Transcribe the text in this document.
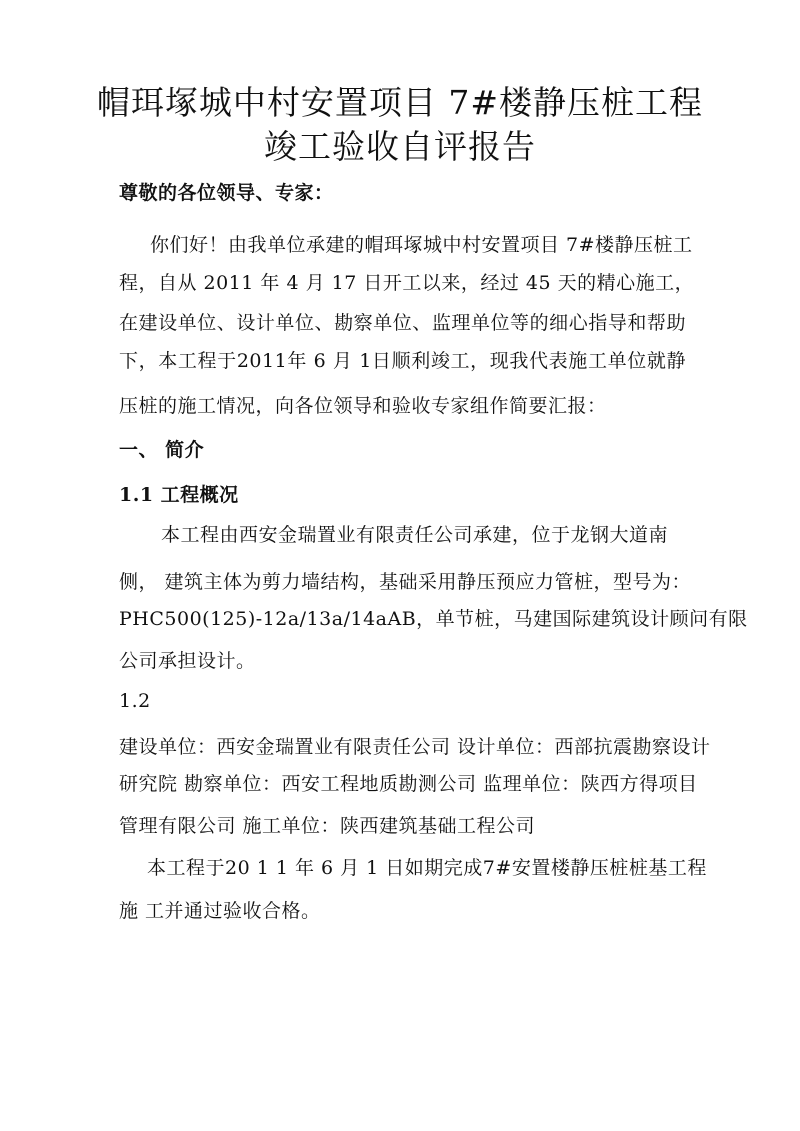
帽珥塚城中村安置项目 7#楼静压桩工程
竣工验收自评报告
尊敬的各位领导、专家：
你们好！由我单位承建的帽珥塚城中村安置项目 7#楼静压桩工
程，自从 2011 年 4 月 17 日开工以来，经过 45 天的精心施工，
在建设单位、设计单位、勘察单位、监理单位等的细心指导和帮助
下，本工程于2011年 6 月 1日顺利竣工，现我代表施工单位就静
压桩的施工情况，向各位领导和验收专家组作简要汇报：
一、 简介
1.1 工程概况
本工程由西安金瑞置业有限责任公司承建，位于龙钢大道南
侧， 建筑主体为剪力墙结构，基础采用静压预应力管桩，型号为：
PHC500(125)-12a/13a/14aAB，单节桩，马建国际建筑设计顾问有限
公司承担设计。
1.2
建设单位：西安金瑞置业有限责任公司 设计单位：西部抗震勘察设计
研究院 勘察单位：西安工程地质勘测公司 监理单位：陕西方得项目
管理有限公司 施工单位：陕西建筑基础工程公司
本工程于20 1 1 年 6 月 1 日如期完成7#安置楼静压桩桩基工程
施 工并通过验收合格。
